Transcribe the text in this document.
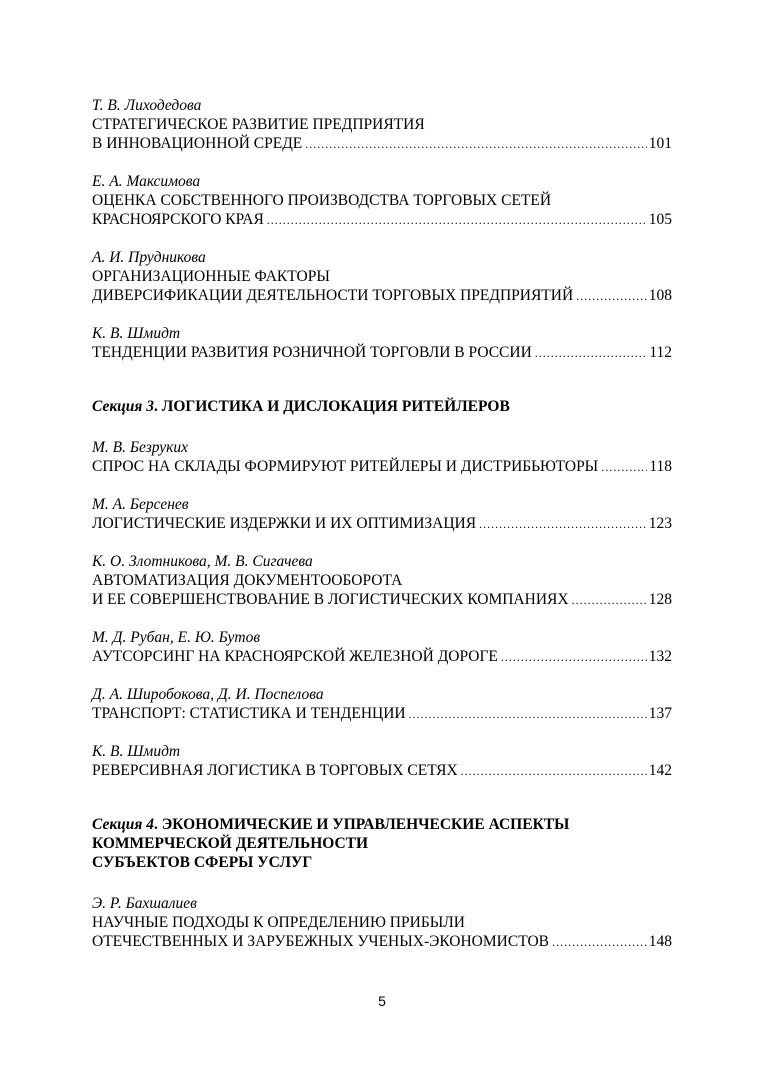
Т. В. Лиходедова
СТРАТЕГИЧЕСКОЕ РАЗВИТИЕ ПРЕДПРИЯТИЯ
В ИННОВАЦИОННОЙ СРЕДЕ .....	101
Е. А. Максимова
ОЦЕНКА СОБСТВЕННОГО ПРОИЗВОДСТВА ТОРГОВЫХ СЕТЕЙ
КРАСНОЯРСКОГО КРАЯ .....	105
А. И. Прудникова
ОРГАНИЗАЦИОННЫЕ ФАКТОРЫ
ДИВЕРСИФИКАЦИИ ДЕЯТЕЛЬНОСТИ ТОРГОВЫХ ПРЕДПРИЯТИЙ .....	108
К. В. Шмидт
ТЕНДЕНЦИИ РАЗВИТИЯ РОЗНИЧНОЙ ТОРГОВЛИ В РОССИИ .....	112
Секция 3. ЛОГИСТИКА И ДИСЛОКАЦИЯ РИТЕЙЛЕРОВ
М. В. Безруких
СПРОС НА СКЛАДЫ ФОРМИРУЮТ РИТЕЙЛЕРЫ И ДИСТРИБЬЮТОРЫ .....	118
М. А. Берсенев
ЛОГИСТИЧЕСКИЕ ИЗДЕРЖКИ И ИХ ОПТИМИЗАЦИЯ .....	123
К. О. Злотникова, М. В. Сигачева
АВТОМАТИЗАЦИЯ ДОКУМЕНТООБОРОТА
И ЕЕ СОВЕРШЕНСТВОВАНИЕ В ЛОГИСТИЧЕСКИХ КОМПАНИЯХ .....	128
М. Д. Рубан, Е. Ю. Бутов
АУТСОРСИНГ НА КРАСНОЯРСКОЙ ЖЕЛЕЗНОЙ ДОРОГЕ .....	132
Д. А. Широбокова, Д. И. Поспелова
ТРАНСПОРТ: СТАТИСТИКА И ТЕНДЕНЦИИ .....	137
К. В. Шмидт
РЕВЕРСИВНАЯ ЛОГИСТИКА В ТОРГОВЫХ СЕТЯХ .....	142
Секция 4. ЭКОНОМИЧЕСКИЕ И УПРАВЛЕНЧЕСКИЕ АСПЕКТЫ
КОММЕРЧЕСКОЙ ДЕЯТЕЛЬНОСТИ
СУБЪЕКТОВ СФЕРЫ УСЛУГ
Э. Р. Бахшалиев
НАУЧНЫЕ ПОДХОДЫ К ОПРЕДЕЛЕНИЮ ПРИБЫЛИ
ОТЕЧЕСТВЕННЫХ И ЗАРУБЕЖНЫХ УЧЕНЫХ-ЭКОНОМИСТОВ .....	148
5
